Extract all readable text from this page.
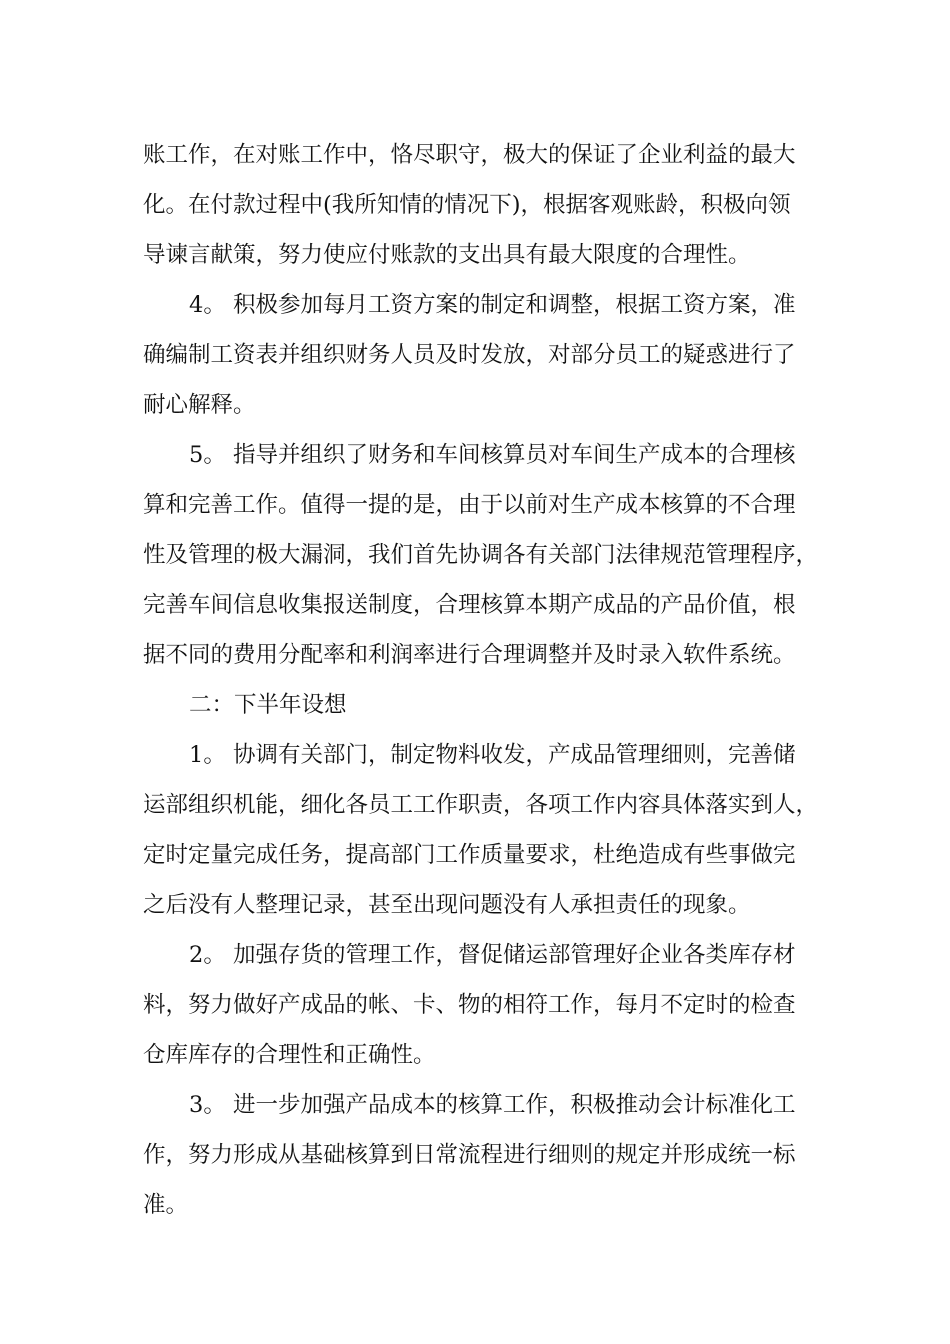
账工作，在对账工作中，恪尽职守，极大的保证了企业利益的最大
化。在付款过程中(我所知情的情况下)，根据客观账龄，积极向领
导谏言献策，努力使应付账款的支出具有最大限度的合理性。
4。 积极参加每月工资方案的制定和调整，根据工资方案，准
确编制工资表并组织财务人员及时发放，对部分员工的疑惑进行了
耐心解释。
5。 指导并组织了财务和车间核算员对车间生产成本的合理核
算和完善工作。值得一提的是，由于以前对生产成本核算的不合理
性及管理的极大漏洞，我们首先协调各有关部门法律规范管理程序，
完善车间信息收集报送制度，合理核算本期产成品的产品价值，根
据不同的费用分配率和利润率进行合理调整并及时录入软件系统。
二：下半年设想
1。 协调有关部门，制定物料收发，产成品管理细则，完善储
运部组织机能，细化各员工工作职责，各项工作内容具体落实到人，
定时定量完成任务，提高部门工作质量要求，杜绝造成有些事做完
之后没有人整理记录，甚至出现问题没有人承担责任的现象。
2。 加强存货的管理工作，督促储运部管理好企业各类库存材
料，努力做好产成品的帐、卡、物的相符工作，每月不定时的检查
仓库库存的合理性和正确性。
3。 进一步加强产品成本的核算工作，积极推动会计标准化工
作，努力形成从基础核算到日常流程进行细则的规定并形成统一标
准。
